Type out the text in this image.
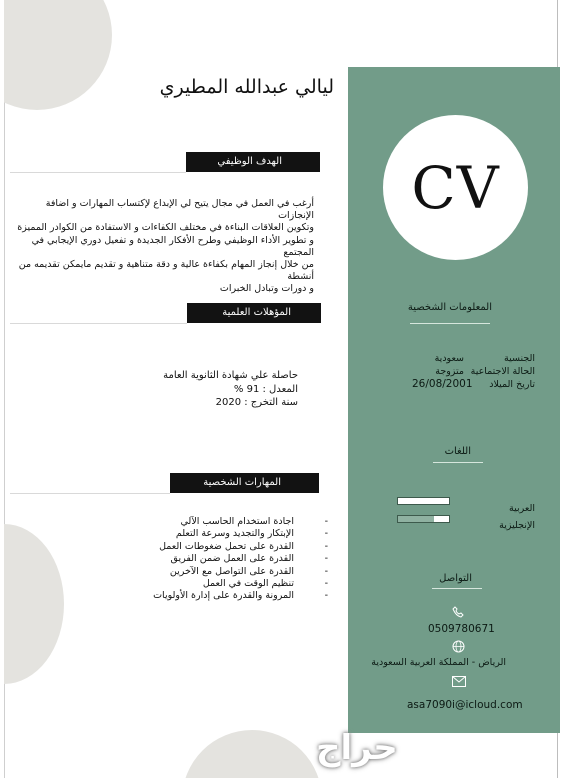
CV
المعلومات الشخصية
الجنسية
الحالة الاجتماعية
تاريخ الميلاد
سعودية
متزوجة
26/08/2001
اللغات
العربية
الإنجليزية
التواصل
0509780671
الرياض - المملكة العربية السعودية
asa7090i@icloud.com
ليالي عبدالله المطيري
الهدف الوظيفي
أرغب في العمل في مجال يتيح لي الإبداع لإكتساب المهارات و اضافة الإنجازات
وتكوين العلاقات البناءة في مختلف الكفاءات و الاستفادة من الكوادر المميزة
و تطوير الأداء الوظيفي وطرح الأفكار الجديدة و تفعيل دوري الإيجابي في المجتمع
من خلال إنجاز المهام بكفاءة عالية و دقة متناهية و تقديم مايمكن تقديمه من أنشطة
و دورات وتبادل الخبرات
المؤهلات العلمية
حاصلة علي شهادة الثانوية العامة
المعدل : 91 %
سنة التخرج : 2020
المهارات الشخصية
- اجادة استخدام الحاسب الآلي
- الإبتكار والتجديد وسرعة التعلم
- القدرة على تحمل ضغوطات العمل
- القدرة على العمل ضمن الفريق
- القدرة على التواصل مع الآخرين
- تنظيم الوقت في العمل
- المرونة والقدرة على إدارة الأولويات
حراج
